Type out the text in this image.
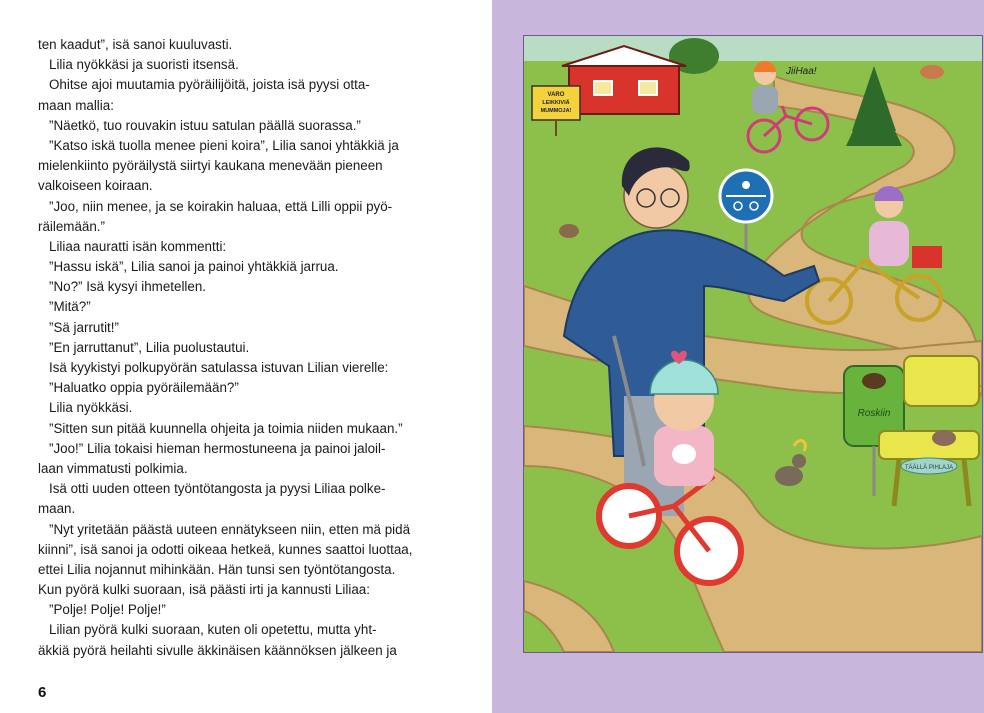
ten kaadut”, isä sanoi kuuluvasti.
Lilia nyökkäsi ja suoristi itsensä.
Ohitse ajoi muutamia pyöräilijöitä, joista isä pyysi otta-
maan mallia:
”Näetkö, tuo rouvakin istuu satulan päällä suorassa.”
”Katso iskä tuolla menee pieni koira”, Lilia sanoi yhtäkkiä ja
mielenkiinto pyöräilystä siirtyi kaukana menevään pieneen
valkoiseen koiraan.
”Joo, niin menee, ja se koirakin haluaa, että Lilli oppii pyö-
räilemään.”
Liliaa nauratti isän kommentti:
”Hassu iskä”, Lilia sanoi ja painoi yhtäkkiä jarrua.
”No?” Isä kysyi ihmetellen.
”Mitä?”
”Sä jarrutit!”
”En jarruttanut”, Lilia puolustautui.
Isä kyykistyi polkupyörän satulassa istuvan Lilian vierelle:
”Haluatko oppia pyöräilemään?”
Lilia nyökkäsi.
”Sitten sun pitää kuunnella ohjeita ja toimia niiden mukaan.”
”Joo!” Lilia tokaisi hieman hermostuneena ja painoi jaloil-
laan vimmatusti polkimia.
Isä otti uuden otteen työntötangosta ja pyysi Liliaa polke-
maan.
”Nyt yritetään päästä uuteen ennätykseen niin, etten mä pidä
kiinni”, isä sanoi ja odotti oikeaa hetkeä, kunnes saattoi luottaa,
ettei Lilia nojannut mihinkään. Hän tunsi sen työntötangosta.
Kun pyörä kulki suoraan, isä päästi irti ja kannusti Liliaa:
”Polje! Polje! Polje!”
Lilian pyörä kulki suoraan, kuten oli opetettu, mutta yht-
äkkiä pyörä heilahti sivulle äkkinäisen käännöksen jälkeen ja
6
VARO
LEIKKIVIÄ
MUMMOJA!
JiiHaa!
Roskiin
TÄÄLLÄ PIHLAJA
